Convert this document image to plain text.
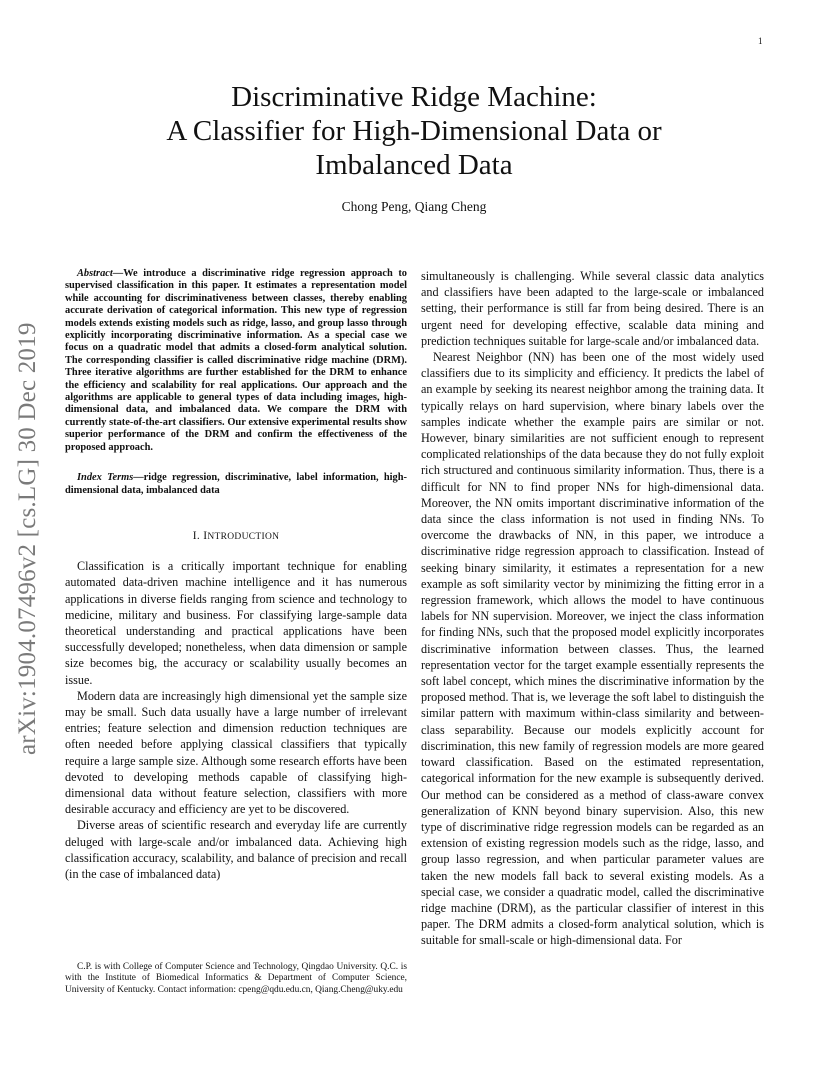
1
arXiv:1904.07496v2 [cs.LG] 30 Dec 2019
Discriminative Ridge Machine:
A Classifier for High-Dimensional Data or
Imbalanced Data
Chong Peng, Qiang Cheng

Abstract—We introduce a discriminative ridge regression approach to supervised classification in this paper. It estimates a representation model while accounting for discriminativeness between classes, thereby enabling accurate derivation of categorical information. This new type of regression models extends existing models such as ridge, lasso, and group lasso through explicitly incorporating discriminative information. As a special case we focus on a quadratic model that admits a closed-form analytical solution. The corresponding classifier is called discriminative ridge machine (DRM). Three iterative algorithms are further established for the DRM to enhance the efficiency and scalability for real applications. Our approach and the algorithms are applicable to general types of data including images, high-dimensional data, and imbalanced data. We compare the DRM with currently state-of-the-art classifiers. Our extensive experimental results show superior performance of the DRM and confirm the effectiveness of the proposed approach.

Index Terms—ridge regression, discriminative, label information, high-dimensional data, imbalanced data

I. INTRODUCTION

Classification is a critically important technique for enabling automated data-driven machine intelligence and it has numerous applications in diverse fields ranging from science and technology to medicine, military and business. For classifying large-sample data theoretical understanding and practical applications have been successfully developed; nonetheless, when data dimension or sample size becomes big, the accuracy or scalability usually becomes an issue.

Modern data are increasingly high dimensional yet the sample size may be small. Such data usually have a large number of irrelevant entries; feature selection and dimension reduction techniques are often needed before applying classical classifiers that typically require a large sample size. Although some research efforts have been devoted to developing methods capable of classifying high-dimensional data without feature selection, classifiers with more desirable accuracy and efficiency are yet to be discovered.

Diverse areas of scientific research and everyday life are currently deluged with large-scale and/or imbalanced data. Achieving high classification accuracy, scalability, and balance of precision and recall (in the case of imbalanced data)

C.P. is with College of Computer Science and Technology, Qingdao University. Q.C. is with the Institute of Biomedical Informatics & Department of Computer Science, University of Kentucky. Contact information: cpeng@qdu.edu.cn, Qiang.Cheng@uky.edu

simultaneously is challenging. While several classic data analytics and classifiers have been adapted to the large-scale or imbalanced setting, their performance is still far from being desired. There is an urgent need for developing effective, scalable data mining and prediction techniques suitable for large-scale and/or imbalanced data.

Nearest Neighbor (NN) has been one of the most widely used classifiers due to its simplicity and efficiency. It predicts the label of an example by seeking its nearest neighbor among the training data. It typically relays on hard supervision, where binary labels over the samples indicate whether the example pairs are similar or not. However, binary similarities are not sufficient enough to represent complicated relationships of the data because they do not fully exploit rich structured and continuous similarity information. Thus, there is a difficult for NN to find proper NNs for high-dimensional data. Moreover, the NN omits important discriminative information of the data since the class information is not used in finding NNs. To overcome the drawbacks of NN, in this paper, we introduce a discriminative ridge regression approach to classification. Instead of seeking binary similarity, it estimates a representation for a new example as soft similarity vector by minimizing the fitting error in a regression framework, which allows the model to have continuous labels for NN supervision. Moreover, we inject the class information for finding NNs, such that the proposed model explicitly incorporates discriminative information between classes. Thus, the learned representation vector for the target example essentially represents the soft label concept, which mines the discriminative information by the proposed method. That is, we leverage the soft label to distinguish the similar pattern with maximum within-class similarity and between-class separability. Because our models explicitly account for discrimination, this new family of regression models are more geared toward classification. Based on the estimated representation, categorical information for the new example is subsequently derived. Our method can be considered as a method of class-aware convex generalization of KNN beyond binary supervision. Also, this new type of discriminative ridge regression models can be regarded as an extension of existing regression models such as the ridge, lasso, and group lasso regression, and when particular parameter values are taken the new models fall back to several existing models. As a special case, we consider a quadratic model, called the discriminative ridge machine (DRM), as the particular classifier of interest in this paper. The DRM admits a closed-form analytical solution, which is suitable for small-scale or high-dimensional data. For
